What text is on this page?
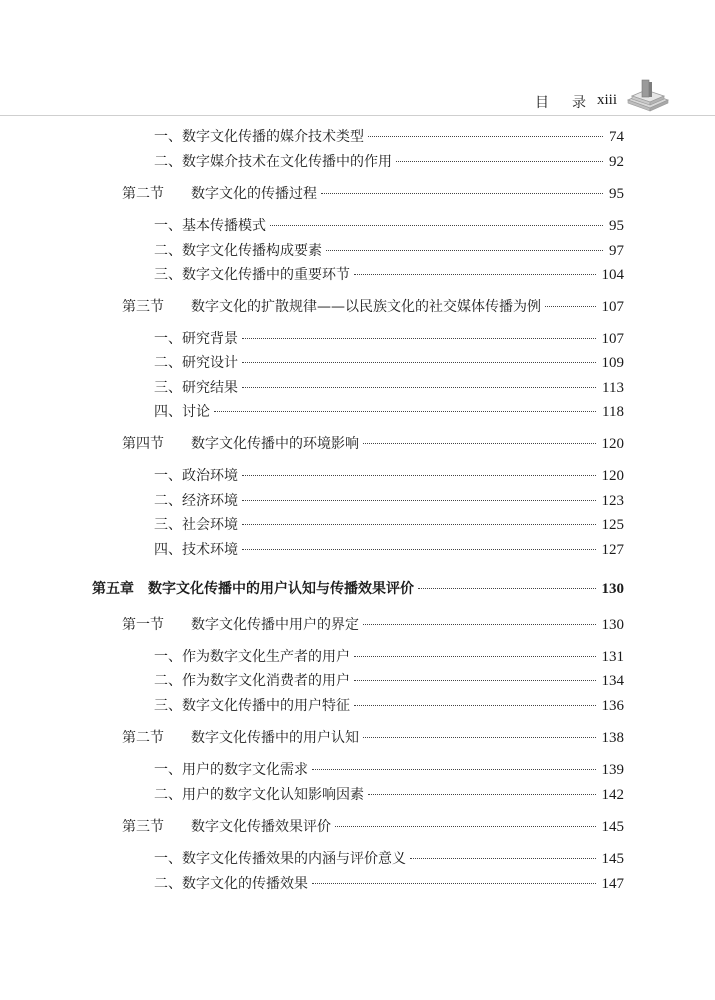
目 录 xiii
一、数字文化传播的媒介技术类型	74
二、数字媒介技术在文化传播中的作用	92
第二节 数字文化的传播过程	95
一、基本传播模式	95
二、数字文化传播构成要素	97
三、数字文化传播中的重要环节	104
第三节 数字文化的扩散规律——以民族文化的社交媒体传播为例	107
一、研究背景	107
二、研究设计	109
三、研究结果	113
四、讨论	118
第四节 数字文化传播中的环境影响	120
一、政治环境	120
二、经济环境	123
三、社会环境	125
四、技术环境	127
第五章 数字文化传播中的用户认知与传播效果评价	130
第一节 数字文化传播中用户的界定	130
一、作为数字文化生产者的用户	131
二、作为数字文化消费者的用户	134
三、数字文化传播中的用户特征	136
第二节 数字文化传播中的用户认知	138
一、用户的数字文化需求	139
二、用户的数字文化认知影响因素	142
第三节 数字文化传播效果评价	145
一、数字文化传播效果的内涵与评价意义	145
二、数字文化的传播效果	147
